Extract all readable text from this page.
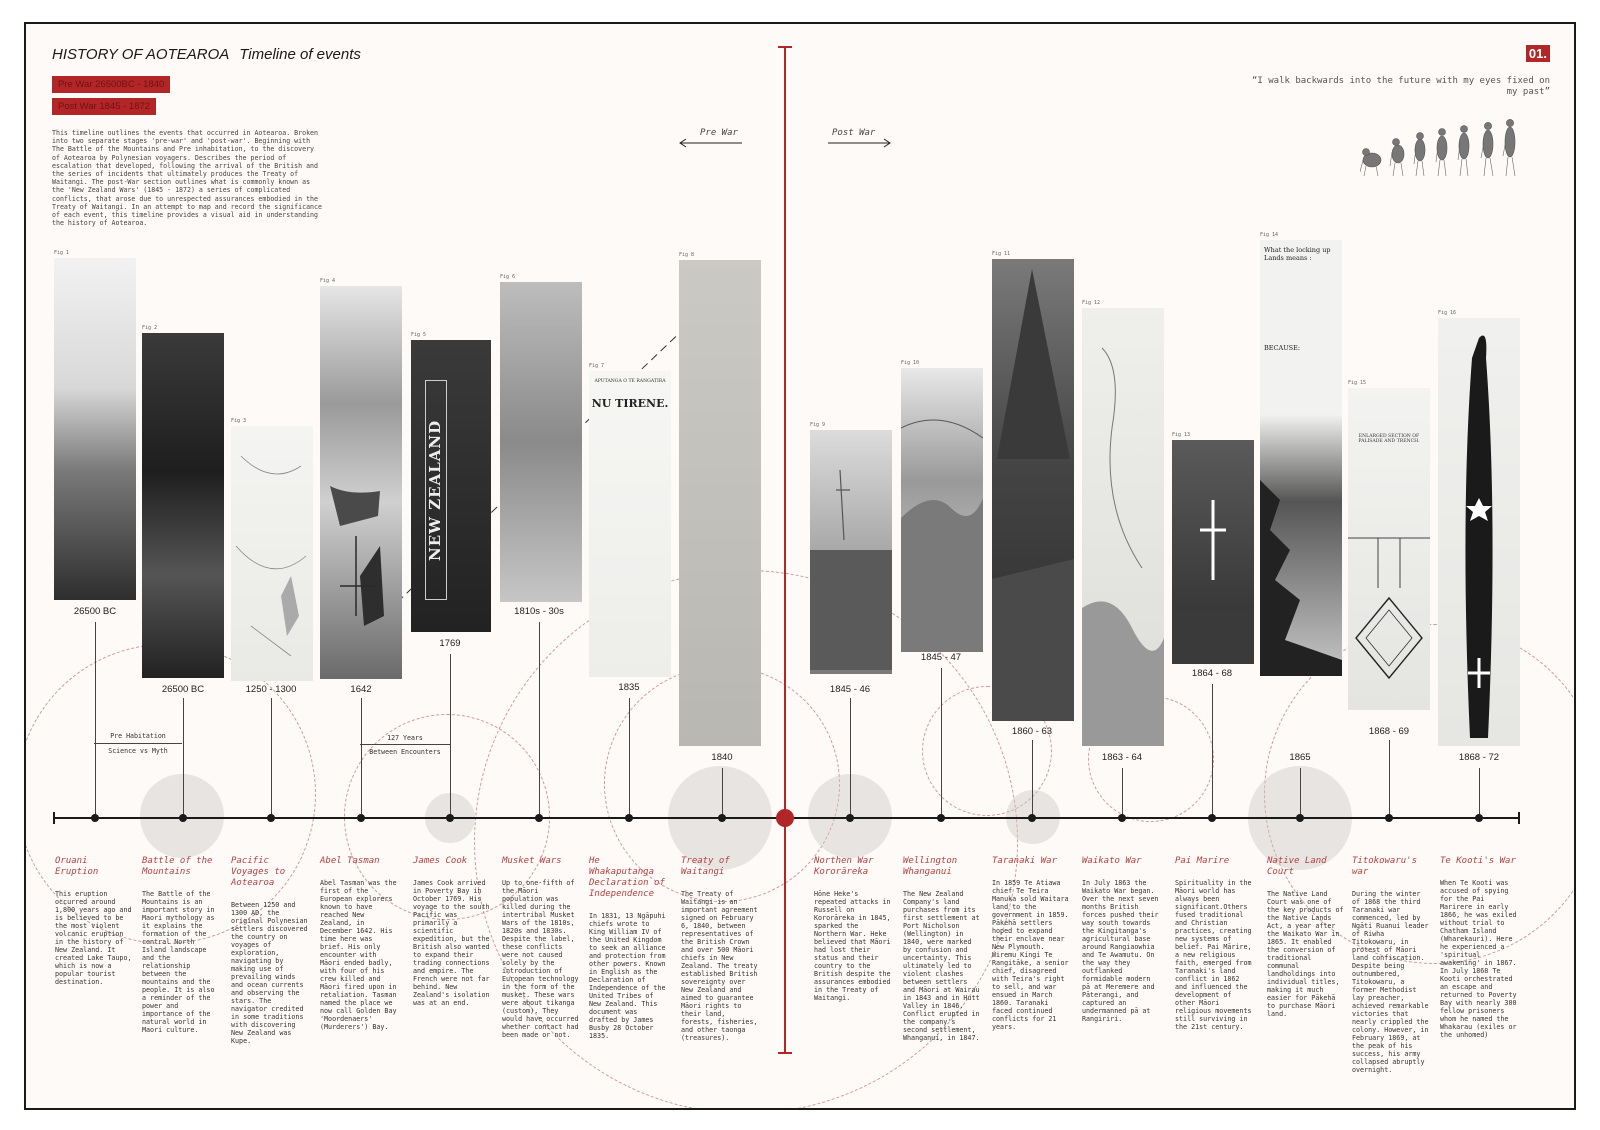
HISTORY OF AOTEAROA Timeline of events
Pre War 26500BC - 1840
Post War 1845 - 1872
This timeline outlines the events that occurred in Aotearoa. Broken into two separate stages 'pre-war' and 'post-war'. Beginning with The Battle of the Mountains and Pre inhabitation, to the discovery of Aotearoa by Polynesian voyagers. Describes the period of escalation that developed, following the arrival of the British and the series of incidents that ultimately produces the Treaty of Waitangi. The post-War section outlines what is commonly known as the 'New Zealand Wars' (1845 - 1872) a series of complicated conflicts, that arose due to unrespected assurances embodied in the Treaty of Waitangi. In an attempt to map and record the significance of each event, this timeline provides a visual aid in understanding the history of Aotearoa.
01.
“I walk backwards into the future with my eyes fixed on my past”
Pre War	Post War
Pre Habitation
Science vs Myth
127 Years
Between Encounters
Fig 1
26500 BC
Fig 2
26500 BC
Fig 3
1250 - 1300
Fig 4
1642
Fig 5
NEW ZEALAND
1769
Fig 6
1810s - 30s
Fig 7
APUTANGA O TE RANGATIRA
NU TIRENE.
1835
Fig 8
1840
Fig 9
1845 - 46
Fig 10
1845 - 47
Fig 11
1860 - 63
Fig 12
1863 - 64
Fig 13
1864 - 68
Fig 14
What the locking up Lands means :
BECAUSE:
1865
Fig 15
ENLARGED SECTION OF PALISADE AND TRENCH.
1868 - 69
Fig 16
1868 - 72
Oruani Eruption
This eruption occurred around 1,800 years ago and is believed to be the most violent volcanic eruption in the history of New Zealand. It created Lake Taupo, which is now a popular tourist destination.
Battle of the Mountains
The Battle of the Mountains is an important story in Maori mythology as it explains the formation of the central North Island landscape and the relationship between the mountains and the people. It is also a reminder of the power and importance of the natural world in Maori culture.
Pacific Voyages to Aotearoa
Between 1250 and 1300 AD, the original Polynesian settlers discovered the country on voyages of exploration, navigating by making use of prevailing winds and ocean currents and observing the stars. The navigator credited in some traditions with discovering New Zealand was Kupe.
Abel Tasman
Abel Tasman was the first of the European explorers known to have reached New Zealand, in December 1642. His time here was brief. His only encounter with Māori ended badly, with four of his crew killed and Māori fired upon in retaliation. Tasman named the place we now call Golden Bay 'Moordenaers' (Murderers') Bay.
James Cook
James Cook arrived in Poverty Bay in October 1769. His voyage to the south Pacific was primarily a scientific expedition, but the British also wanted to expand their trading connections and empire. The French were not far behind. New Zealand's isolation was at an end.
Musket Wars
Up to one-fifth of the Māori population was killed during the intertribal Musket Wars of the 1810s, 1820s and 1830s. Despite the label, these conflicts were not caused solely by the introduction of European technology in the form of the musket. These wars were about tikanga (custom). They would have occurred whether contact had been made or not.
He Whakaputanga Declaration of Independence
In 1831, 13 Ngāpuhi chiefs wrote to King William IV of the United Kingdom to seek an alliance and protection from other powers. Known in English as the Declaration of Independence of the United Tribes of New Zealand. This document was drafted by James Busby 28 October 1835.
Treaty of Waitangi
The Treaty of Waitangi is an important agreement signed on February 6, 1840, between representatives of the British Crown and over 500 Māori chiefs in New Zealand. The treaty established British sovereignty over New Zealand and aimed to guarantee Māori rights to their land, forests, fisheries, and other taonga (treasures).
Northen War Kororāreka
Hōne Heke's repeated attacks in Russell on Kororāreka in 1845, sparked the Northern War. Heke believed that Māori had lost their status and their country to the British despite the assurances embodied in the Treaty of Waitangi.
Wellington Whanganui
The New Zealand Company's land purchases from its first settlement at Port Nicholson (Wellington) in 1840, were marked by confusion and uncertainty. This ultimately led to violent clashes between settlers and Māori at Wairau in 1843 and in Hutt Valley in 1846. Conflict erupted in the company's second settlement, Whanganui, in 1847.
Taranaki War
In 1859 Te Atiawa chief Te Teira Manuka sold Waitara land to the government in 1859. Pākehā settlers hoped to expand their enclave near New Plymouth. Wiremu Kingi Te Rangitāke, a senior chief, disagreed with Teira's right to sell, and war ensued in March 1860. Taranaki faced continued conflicts for 21 years.
Waikato War
In July 1863 the Waikato War began. Over the next seven months British forces pushed their way south towards the Kingitanga's agricultural base around Rangiaowhia and Te Awamutu. On the way they outflanked formidable modern pā at Meremere and Pāterangi, and captured an undermanned pā at Rangiriri.
Pai Marire
Spirituality in the Māori world has always been significant.Others fused traditional and Christian practices, creating new systems of belief. Pai Mārire, a new religious faith, emerged from Taranaki's land conflict in 1862 and influenced the development of other Māori religious movements still surviving in the 21st century.
Native Land Court
The Native Land Court was one of the key products of the Native Lands Act, a year after the Waikato War in 1865. It enabled the conversion of traditional communal landholdings into individual titles, making it much easier for Pākehā to purchase Māori land.
Titokowaru's war
During the winter of 1868 the third Taranaki war commenced, led by Ngāti Ruanui leader of Riwha Titokowaru, in protest of Māori land confiscation. Despite being outnumbered, Titokowaru, a former Methodist lay preacher, achieved remarkable victories that nearly crippled the colony. However, in February 1869, at the peak of his success, his army collapsed abruptly overnight.
Te Kooti's War
When Te Kooti was accused of spying for the Pai Marirere in early 1866, he was exiled without trial to Chatham Island (Wharekauri). Here he experienced a 'spiritual awakening' in 1867. In July 1868 Te Kooti orchestrated an escape and returned to Poverty Bay with nearly 300 fellow prisoners whom he named the Whakarau (exiles or the unhomed)
